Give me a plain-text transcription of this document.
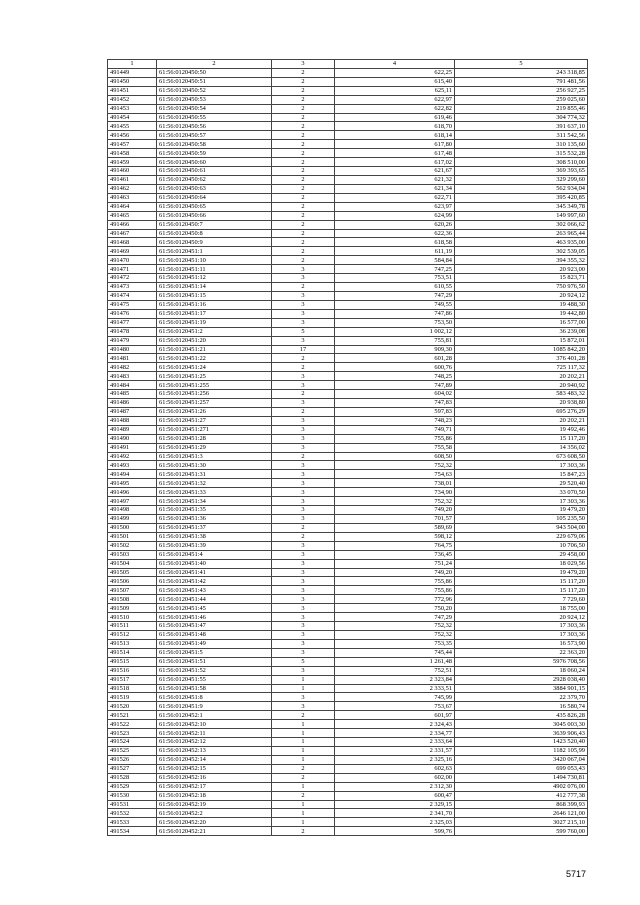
1	2	3	4	5
491449	61:56:0120450:50	2	622,25	243 318,85
491450	61:56:0120450:51	2	615,40	791 481,56
491451	61:56:0120450:52	2	625,11	256 927,25
491452	61:56:0120450:53	2	622,97	259 025,60
491453	61:56:0120450:54	2	622,82	219 855,46
491454	61:56:0120450:55	2	619,46	304 774,32
491455	61:56:0120450:56	2	618,70	391 637,10
491456	61:56:0120450:57	2	618,14	311 542,56
491457	61:56:0120450:58	2	617,80	310 135,60
491458	61:56:0120450:59	2	617,48	315 532,28
491459	61:56:0120450:60	2	617,02	308 510,00
491460	61:56:0120450:61	2	621,67	369 393,65
491461	61:56:0120450:62	2	621,32	329 299,60
491462	61:56:0120450:63	2	621,34	562 934,04
491463	61:56:0120450:64	2	622,71	395 420,85
491464	61:56:0120450:65	2	623,97	345 349,78
491465	61:56:0120450:66	2	624,99	149 997,60
491466	61:56:0120450:7	2	620,26	302 066,62
491467	61:56:0120450:8	2	622,36	263 965,44
491468	61:56:0120450:9	2	618,58	463 935,00
491469	61:56:0120451:1	2	611,19	302 539,05
491470	61:56:0120451:10	2	584,84	394 355,32
491471	61:56:0120451:11	3	747,25	20 923,00
491472	61:56:0120451:12	3	753,51	15 823,71
491473	61:56:0120451:14	2	610,55	750 976,50
491474	61:56:0120451:15	3	747,29	20 924,12
491475	61:56:0120451:16	3	749,55	19 488,30
491476	61:56:0120451:17	3	747,86	19 442,80
491477	61:56:0120451:19	3	753,50	16 577,00
491478	61:56:0120451:2	5	1 002,12	36 239,08
491479	61:56:0120451:20	3	755,81	15 872,01
491480	61:56:0120451:21	17	909,30	1085 842,20
491481	61:56:0120451:22	2	601,28	376 401,28
491482	61:56:0120451:24	2	600,76	725 117,32
491483	61:56:0120451:25	3	748,25	20 202,21
491484	61:56:0120451:255	3	747,89	20 940,92
491485	61:56:0120451:256	2	604,02	583 483,32
491486	61:56:0120451:257	3	747,83	20 938,80
491487	61:56:0120451:26	2	597,83	695 276,29
491488	61:56:0120451:27	3	748,23	20 202,21
491489	61:56:0120451:271	3	749,71	19 492,46
491490	61:56:0120451:28	3	755,86	15 117,20
491491	61:56:0120451:29	3	755,58	14 356,02
491492	61:56:0120451:3	2	608,50	673 608,50
491493	61:56:0120451:30	3	752,32	17 303,36
491494	61:56:0120451:31	3	754,63	15 847,23
491495	61:56:0120451:32	3	738,01	29 520,40
491496	61:56:0120451:33	3	734,90	33 070,50
491497	61:56:0120451:34	3	752,32	17 303,36
491498	61:56:0120451:35	3	749,20	19 479,20
491499	61:56:0120451:36	3	701,57	105 235,50
491500	61:56:0120451:37	2	589,69	943 504,00
491501	61:56:0120451:38	2	598,12	229 679,06
491502	61:56:0120451:39	3	764,75	10 706,50
491503	61:56:0120451:4	3	736,45	29 458,00
491504	61:56:0120451:40	3	751,24	18 029,56
491505	61:56:0120451:41	3	749,20	19 479,20
491506	61:56:0120451:42	3	755,86	15 117,20
491507	61:56:0120451:43	3	755,86	15 117,20
491508	61:56:0120451:44	3	772,96	7 729,60
491509	61:56:0120451:45	3	750,20	18 755,00
491510	61:56:0120451:46	3	747,29	20 924,12
491511	61:56:0120451:47	3	752,32	17 303,36
491512	61:56:0120451:48	3	752,32	17 303,36
491513	61:56:0120451:49	3	753,35	16 573,90
491514	61:56:0120451:5	3	745,44	22 363,20
491515	61:56:0120451:51	5	1 261,48	5976 708,56
491516	61:56:0120451:52	3	752,51	18 060,24
491517	61:56:0120451:55	1	2 323,84	2928 038,40
491518	61:56:0120451:58	1	2 333,51	3884 901,15
491519	61:56:0120451:8	3	745,99	22 379,70
491520	61:56:0120451:9	3	753,67	16 580,74
491521	61:56:0120452:1	2	601,97	435 826,28
491522	61:56:0120452:10	1	2 324,43	3045 003,30
491523	61:56:0120452:11	1	2 334,77	3639 906,43
491524	61:56:0120452:12	1	2 333,64	1423 520,40
491525	61:56:0120452:13	1	2 331,57	1182 105,99
491526	61:56:0120452:14	1	2 325,16	3420 067,04
491527	61:56:0120452:15	2	602,63	699 053,43
491528	61:56:0120452:16	2	602,00	1494 730,81
491529	61:56:0120452:17	1	2 312,30	4902 076,00
491530	61:56:0120452:18	2	600,47	412 777,38
491531	61:56:0120452:19	1	2 329,15	868 399,93
491532	61:56:0120452:2	1	2 341,70	2646 121,00
491533	61:56:0120452:20	1	2 325,03	3027 215,10
491534	61:56:0120452:21	2	599,76	599 760,00
5717
